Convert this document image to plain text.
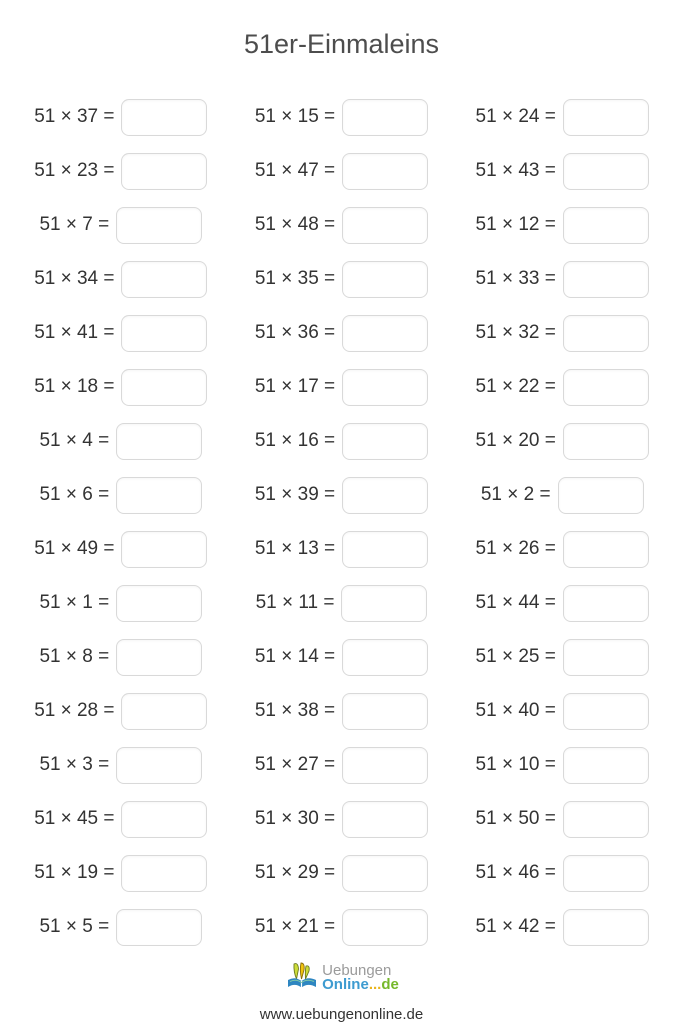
51er-Einmaleins
51 × 37 =
51 × 23 =
51 × 7 =
51 × 34 =
51 × 41 =
51 × 18 =
51 × 4 =
51 × 6 =
51 × 49 =
51 × 1 =
51 × 8 =
51 × 28 =
51 × 3 =
51 × 45 =
51 × 19 =
51 × 5 =
51 × 15 =
51 × 47 =
51 × 48 =
51 × 35 =
51 × 36 =
51 × 17 =
51 × 16 =
51 × 39 =
51 × 13 =
51 × 11 =
51 × 14 =
51 × 38 =
51 × 27 =
51 × 30 =
51 × 29 =
51 × 21 =
51 × 24 =
51 × 43 =
51 × 12 =
51 × 33 =
51 × 32 =
51 × 22 =
51 × 20 =
51 × 2 =
51 × 26 =
51 × 44 =
51 × 25 =
51 × 40 =
51 × 10 =
51 × 50 =
51 × 46 =
51 × 42 =
Uebungen
Online...de
www.uebungenonline.de
